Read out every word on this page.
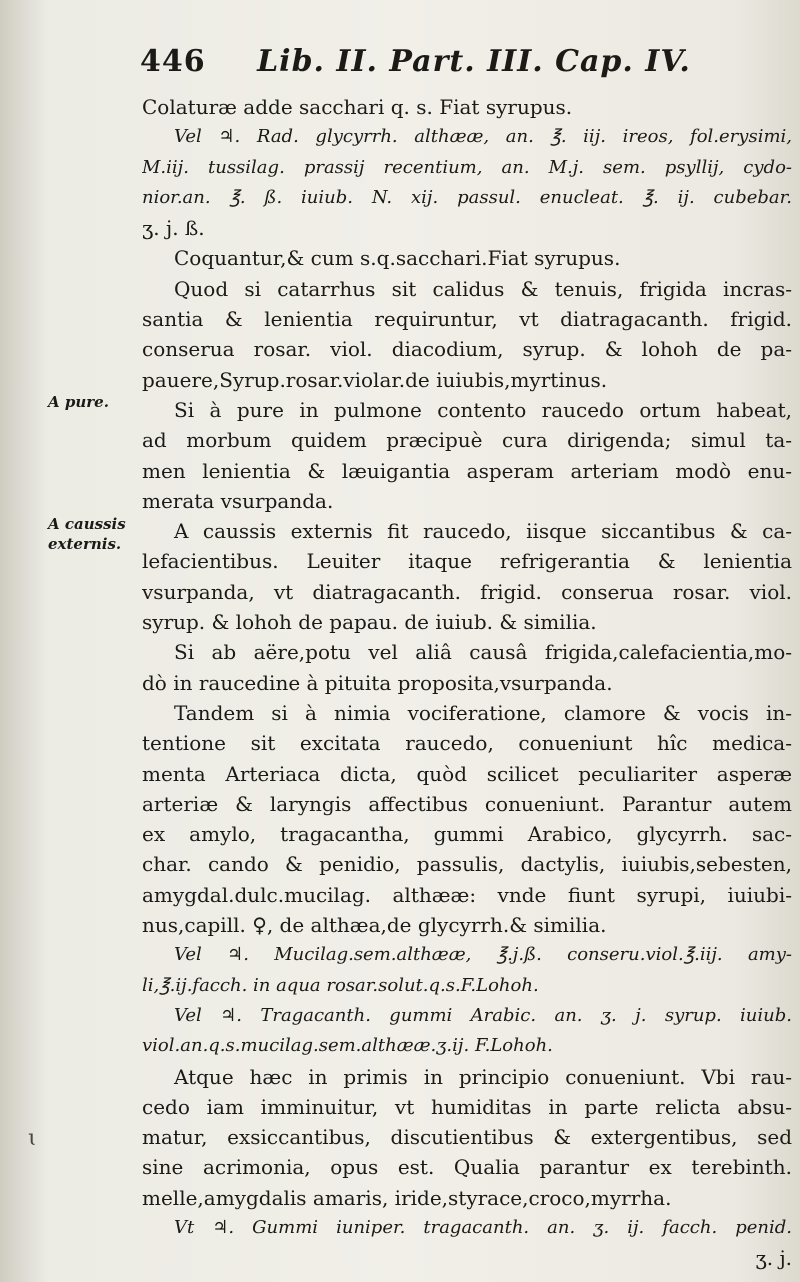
446 Lib. II. Part. III. Cap. IV.
A pure.
A caussis
externis.
ɩ
Colaturæ adde sacchari q. s. Fiat syrupus.
Vel ♃. Rad. glycyrrh. althææ, an. ℥. iij. ireos, fol.erysimi,
M.iij. tussilag. prassij recentium, an. M.j. sem. psyllij, cydo-
nior.an. ℥. ß. iuiub. N. xij. passul. enucleat. ℥. ij. cubebar.
ʒ. j. ß.
Coquantur,& cum s.q.sacchari.Fiat syrupus.
Quod si catarrhus sit calidus & tenuis, frigida incras-
santia & lenientia requiruntur, vt diatragacanth. frigid.
conserua rosar. viol. diacodium, syrup. & lohoh de pa-
pauere,Syrup.rosar.violar.de iuiubis,myrtinus.
Si à pure in pulmone contento raucedo ortum habeat,
ad morbum quidem præcipuè cura dirigenda; simul ta-
men lenientia & læuigantia asperam arteriam modò enu-
merata vsurpanda.
A caussis externis fit raucedo, iisque siccantibus & ca-
lefacientibus. Leuiter itaque refrigerantia & lenientia
vsurpanda, vt diatragacanth. frigid. conserua rosar. viol.
syrup. & lohoh de papau. de iuiub. & similia.
Si ab aëre,potu vel aliâ causâ frigida,calefacientia,mo-
dò in raucedine à pituita proposita,vsurpanda.
Tandem si à nimia vociferatione, clamore & vocis in-
tentione sit excitata raucedo, conueniunt hîc medica-
menta Arteriaca dicta, quòd scilicet peculiariter asperæ
arteriæ & laryngis affectibus conueniunt. Parantur autem
ex amylo, tragacantha, gummi Arabico, glycyrrh. sac-
char. cando & penidio, passulis, dactylis, iuiubis,sebesten,
amygdal.dulc.mucilag. althææ: vnde fiunt syrupi, iuiubi-
nus,capill. ♀, de althæa,de glycyrrh.& similia.
Vel ♃. Mucilag.sem.althææ, ℥.j.ß. conseru.viol.℥.iij. amy-
li,℥.ij.facch. in aqua rosar.solut.q.s.F.Lohoh.
Vel ♃. Tragacanth. gummi Arabic. an. ʒ. j. syrup. iuiub.
viol.an.q.s.mucilag.sem.althææ.ʒ.ij. F.Lohoh.
Atque hæc in primis in principio conueniunt. Vbi rau-
cedo iam imminuitur, vt humiditas in parte relicta absu-
matur, exsiccantibus, discutientibus & extergentibus, sed
sine acrimonia, opus est. Qualia parantur ex terebinth.
melle,amygdalis amaris, iride,styrace,croco,myrrha.
Vt ♃. Gummi iuniper. tragacanth. an. ʒ. ij. facch. penid.
ʒ. j.
